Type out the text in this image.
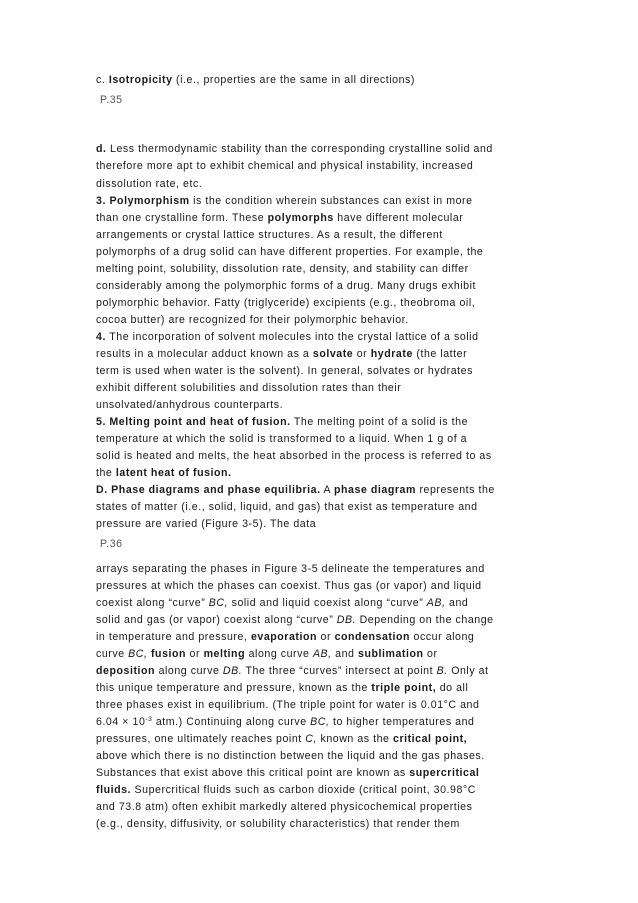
c. Isotropicity (i.e., properties are the same in all directions)
P.35
d. Less thermodynamic stability than the corresponding crystalline solid and
therefore more apt to exhibit chemical and physical instability, increased
dissolution rate, etc.
3. Polymorphism is the condition wherein substances can exist in more
than one crystalline form. These polymorphs have different molecular
arrangements or crystal lattice structures. As a result, the different
polymorphs of a drug solid can have different properties. For example, the
melting point, solubility, dissolution rate, density, and stability can differ
considerably among the polymorphic forms of a drug. Many drugs exhibit
polymorphic behavior. Fatty (triglyceride) excipients (e.g., theobroma oil,
cocoa butter) are recognized for their polymorphic behavior.
4. The incorporation of solvent molecules into the crystal lattice of a solid
results in a molecular adduct known as a solvate or hydrate (the latter
term is used when water is the solvent). In general, solvates or hydrates
exhibit different solubilities and dissolution rates than their
unsolvated/anhydrous counterparts.
5. Melting point and heat of fusion. The melting point of a solid is the
temperature at which the solid is transformed to a liquid. When 1 g of a
solid is heated and melts, the heat absorbed in the process is referred to as
the latent heat of fusion.
D. Phase diagrams and phase equilibria. A phase diagram represents the
states of matter (i.e., solid, liquid, and gas) that exist as temperature and
pressure are varied (Figure 3-5). The data
P.36
arrays separating the phases in Figure 3-5 delineate the temperatures and
pressures at which the phases can coexist. Thus gas (or vapor) and liquid
coexist along “curve” BC, solid and liquid coexist along “curve” AB, and
solid and gas (or vapor) coexist along “curve” DB. Depending on the change
in temperature and pressure, evaporation or condensation occur along
curve BC, fusion or melting along curve AB, and sublimation or
deposition along curve DB. The three “curves” intersect at point B. Only at
this unique temperature and pressure, known as the triple point, do all
three phases exist in equilibrium. (The triple point for water is 0.01°C and
$6.04 \times 10^{-3}$ atm.) Continuing along curve BC, to higher temperatures and
pressures, one ultimately reaches point C, known as the critical point,
above which there is no distinction between the liquid and the gas phases.
Substances that exist above this critical point are known as supercritical
fluids. Supercritical fluids such as carbon dioxide (critical point, 30.98°C
and 73.8 atm) often exhibit markedly altered physicochemical properties
(e.g., density, diffusivity, or solubility characteristics) that render them
